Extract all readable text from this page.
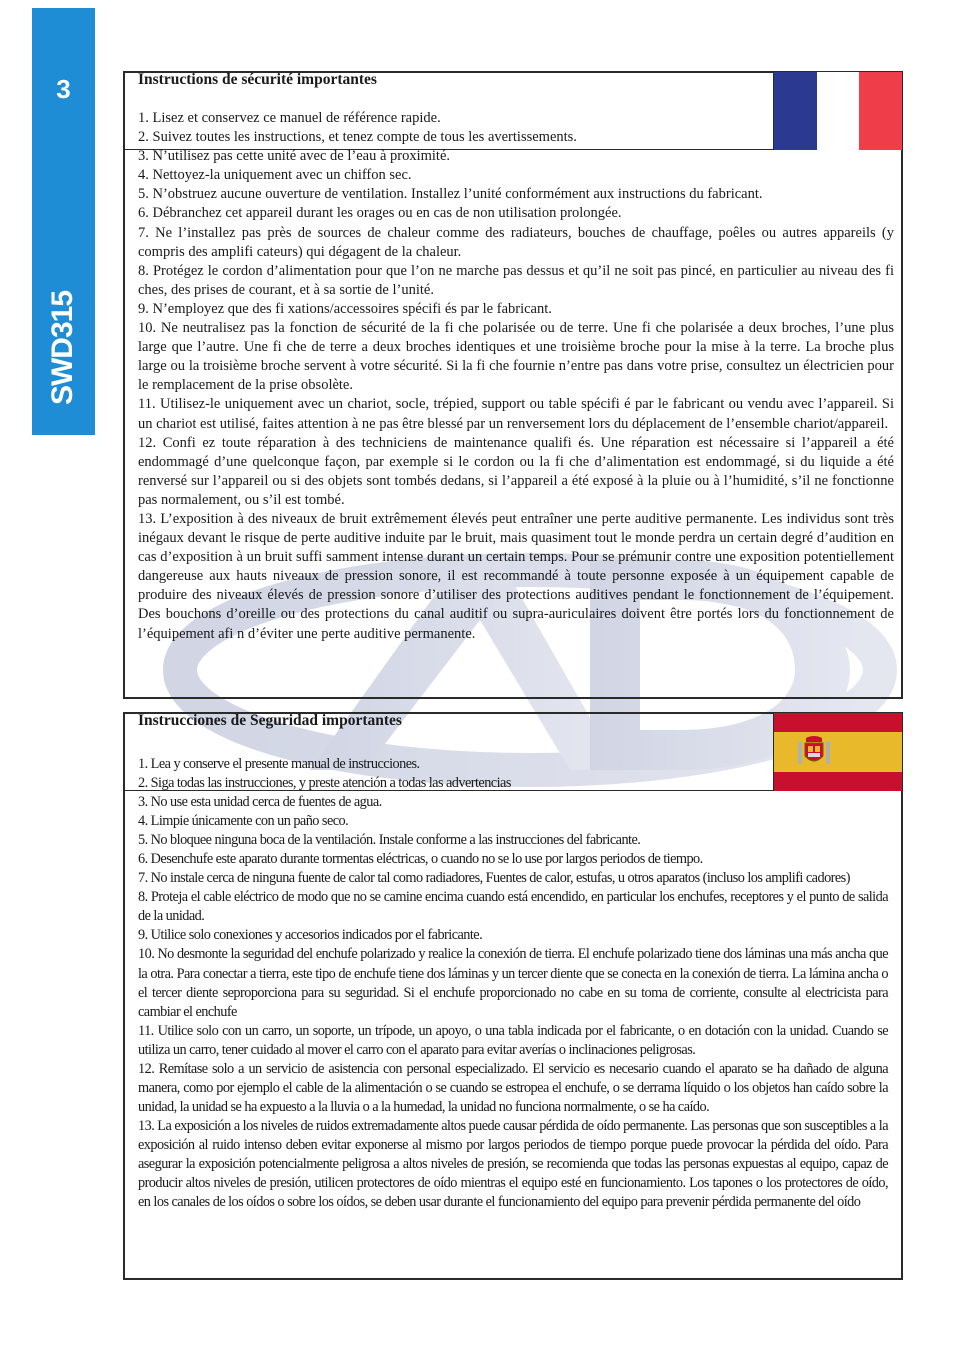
3
SWD315
Instructions de sécurité importantes

1. Lisez et conservez ce manuel de référence rapide.

2. Suivez toutes les instructions, et tenez compte de tous les avertissements.

3. N’utilisez pas cette unité avec de l’eau à proximité.

4. Nettoyez-la uniquement avec un chiffon sec.

5. N’obstruez aucune ouverture de ventilation. Installez l’unité conformément aux instructions du fabricant.

6. Débranchez cet appareil durant les orages ou en cas de non utilisation prolongée.

7. Ne l’installez pas près de sources de chaleur comme des radiateurs, bouches de chauffage, poêles ou autres appareils (y compris des amplifi cateurs) qui dégagent de la chaleur.

8. Protégez le cordon d’alimentation pour que l’on ne marche pas dessus et qu’il ne soit pas pincé, en particulier au niveau des fi ches, des prises de courant, et à sa sortie de l’unité.

9. N’employez que des fi xations/accessoires spécifi és par le fabricant.

10. Ne neutralisez pas la fonction de sécurité de la fi che polarisée ou de terre. Une fi che polarisée a deux broches, l’une plus large que l’autre. Une fi che de terre a deux broches identiques et une troisième broche pour la mise à la terre. La broche plus large ou la troisième broche servent à votre sécurité. Si la fi che fournie n’entre pas dans votre prise, consultez un électricien pour le remplacement de la prise obsolète.

11. Utilisez-le uniquement avec un chariot, socle, trépied, support ou table spécifi é par le fabricant ou vendu avec l’appareil. Si un chariot est utilisé, faites attention à ne pas être blessé par un renversement lors du déplacement de l’ensemble chariot/appareil.

12. Confi ez toute réparation à des techniciens de maintenance qualifi és. Une réparation est nécessaire si l’appareil a été endommagé d’une quelconque façon, par exemple si le cordon ou la fi che d’alimentation est endommagé, si du liquide a été renversé sur l’appareil ou si des objets sont tombés dedans, si l’appareil a été exposé à la pluie ou à l’humidité, s’il ne fonctionne pas normalement, ou s’il est tombé.

13. L’exposition à des niveaux de bruit extrêmement élevés peut entraîner une perte auditive permanente. Les individus sont très inégaux devant le risque de perte auditive induite par le bruit, mais quasiment tout le monde perdra un certain degré d’audition en cas d’exposition à un bruit suffi samment intense durant un certain temps. Pour se prémunir contre une exposition potentiellement dangereuse aux hauts niveaux de pression sonore, il est recommandé à toute personne exposée à un équipement capable de produire des niveaux élevés de pression sonore d’utiliser des protections auditives pendant le fonctionnement de l’équipement. Des bouchons d’oreille ou des protections du canal auditif ou supra-auriculaires doivent être portés lors du fonctionnement de l’équipement afi n d’éviter une perte auditive permanente.

Instrucciones de Seguridad importantes

1. Lea y conserve el presente manual de instrucciones.

2. Siga todas las instrucciones, y preste atención a todas las advertencias

3. No use esta unidad cerca de fuentes de agua.

4. Limpie únicamente con un paño seco.

5. No bloquee ninguna boca de la ventilación. Instale conforme a las instrucciones del fabricante.

6. Desenchufe este aparato durante tormentas eléctricas, o cuando no se lo use por largos periodos de tiempo.

7. No instale cerca de ninguna fuente de calor tal como radiadores, Fuentes de calor, estufas, u otros aparatos (incluso los amplifi cadores)

8. Proteja el cable eléctrico de modo que no se camine encima cuando está encendido, en particular los enchufes, receptores y el punto de salida de la unidad.

9. Utilice solo conexiones y accesorios indicados por el fabricante.

10. No desmonte la seguridad del enchufe polarizado y realice la conexión de tierra. El enchufe polarizado tiene dos láminas una más ancha que la otra. Para conectar a tierra, este tipo de enchufe tiene dos láminas y un tercer diente que se conecta en la conexión de tierra. La lámina ancha o el tercer diente seproporciona para su seguridad. Si el enchufe proporcionado no cabe en su toma de corriente, consulte al electricista para cambiar el enchufe

11. Utilice solo con un carro, un soporte, un trípode, un apoyo, o una tabla indicada por el fabricante, o en dotación con la unidad. Cuando se utiliza un carro, tener cuidado al mover el carro con el aparato para evitar averías o inclinaciones peligrosas.

12. Remítase solo a un servicio de asistencia con personal especializado. El servicio es necesario cuando el aparato se ha dañado de alguna manera, como por ejemplo el cable de la alimentación o se cuando se estropea el enchufe, o se derrama líquido o los objetos han caído sobre la unidad, la unidad se ha expuesto a la lluvia o a la humedad, la unidad no funciona normalmente, o se ha caído.

13. La exposición a los niveles de ruidos extremadamente altos puede causar pérdida de oído permanente. Las personas que son susceptibles a la exposición al ruido intenso deben evitar exponerse al mismo por largos periodos de tiempo porque puede provocar la pérdida del oído. Para asegurar la exposición potencialmente peligrosa a altos niveles de presión, se recomienda que todas las personas expuestas al equipo, capaz de producir altos niveles de presión, utilicen protectores de oído mientras el equipo esté en funcionamiento. Los tapones o los protectores de oído, en los canales de los oídos o sobre los oídos, se deben usar durante el funcionamiento del equipo para prevenir pérdida permanente del oído
